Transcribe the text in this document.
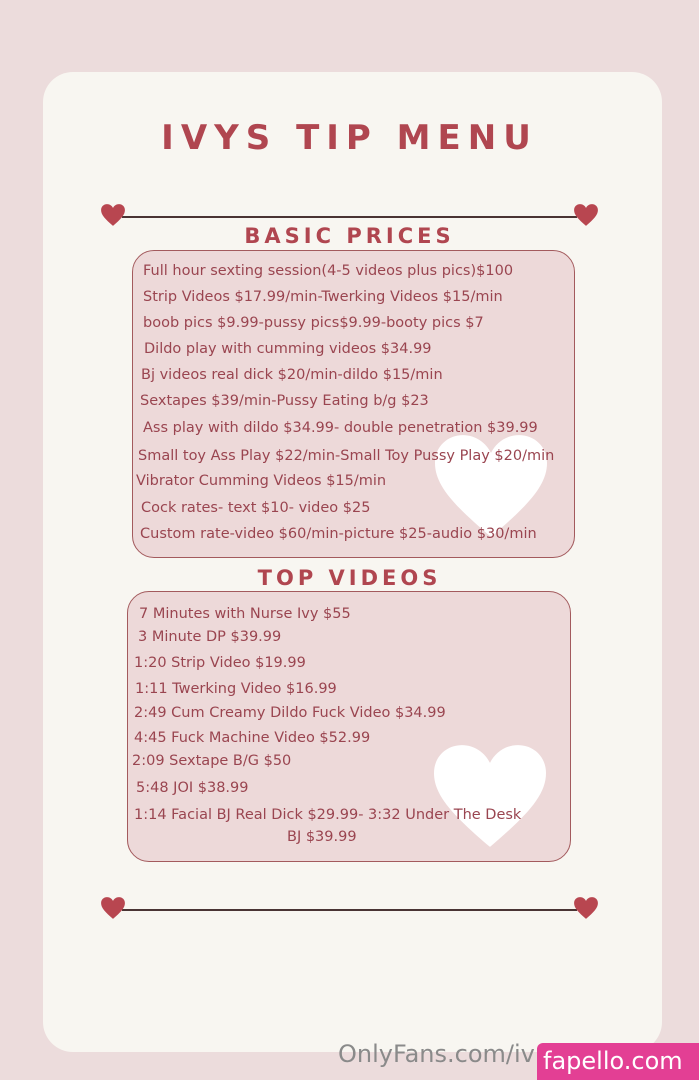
IVYS TIP MENU
BASIC PRICES
Full hour sexting session(4-5 videos plus pics)$100
Strip Videos $17.99/min-Twerking Videos $15/min
boob pics $9.99-pussy pics$9.99-booty pics $7
Dildo play with cumming videos $34.99
Bj videos real dick $20/min-dildo $15/min
Sextapes $39/min-Pussy Eating b/g $23
Ass play with dildo $34.99- double penetration $39.99
Small toy Ass Play $22/min-Small Toy Pussy Play $20/min
Vibrator Cumming Videos $15/min
Cock rates- text $10- video $25
Custom rate-video $60/min-picture $25-audio $30/min
TOP VIDEOS
7 Minutes with Nurse Ivy $55
3 Minute DP $39.99
1:20 Strip Video $19.99
1:11 Twerking Video $16.99
2:49 Cum Creamy Dildo Fuck Video $34.99
4:45 Fuck Machine Video $52.99
2:09 Sextape B/G $50
5:48 JOI $38.99
1:14 Facial BJ Real Dick $29.99- 3:32 Under The Desk
BJ $39.99
OnlyFans.com/iv fapello.com
